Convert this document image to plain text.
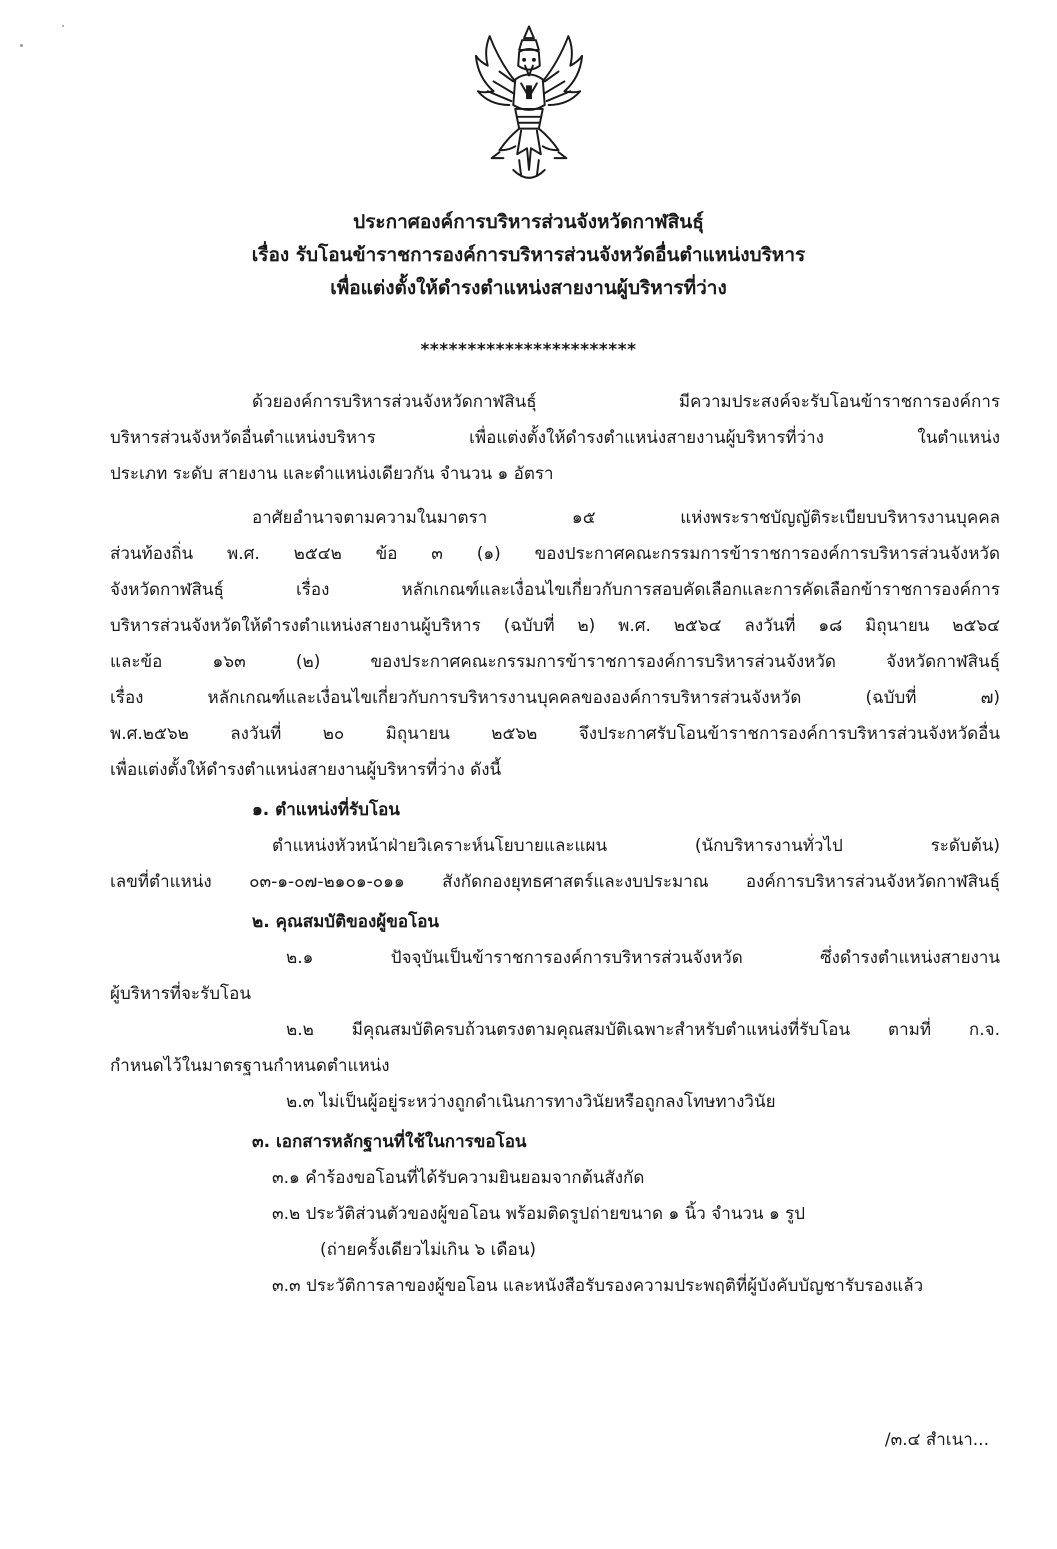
ประกาศองค์การบริหารส่วนจังหวัดกาฬสินธุ์
เรื่อง รับโอนข้าราชการองค์การบริหารส่วนจังหวัดอื่นตำแหน่งบริหาร
เพื่อแต่งตั้งให้ดำรงตำแหน่งสายงานผู้บริหารที่ว่าง
***********************
ด้วยองค์การบริหารส่วนจังหวัดกาฬสินธุ์ มีความประสงค์จะรับโอนข้าราชการองค์การ
บริหารส่วนจังหวัดอื่นตำแหน่งบริหาร เพื่อแต่งตั้งให้ดำรงตำแหน่งสายงานผู้บริหารที่ว่าง ในตำแหน่ง
ประเภท ระดับ สายงาน และตำแหน่งเดียวกัน จำนวน ๑ อัตรา
อาศัยอำนาจตามความในมาตรา ๑๕ แห่งพระราชบัญญัติระเบียบบริหารงานบุคคล
ส่วนท้องถิ่น พ.ศ. ๒๕๔๒ ข้อ ๓ (๑) ของประกาศคณะกรรมการข้าราชการองค์การบริหารส่วนจังหวัด
จังหวัดกาฬสินธุ์ เรื่อง หลักเกณฑ์และเงื่อนไขเกี่ยวกับการสอบคัดเลือกและการคัดเลือกข้าราชการองค์การ
บริหารส่วนจังหวัดให้ดำรงตำแหน่งสายงานผู้บริหาร (ฉบับที่ ๒) พ.ศ. ๒๕๖๔ ลงวันที่ ๑๘ มิถุนายน ๒๕๖๔
และข้อ ๑๖๓ (๒) ของประกาศคณะกรรมการข้าราชการองค์การบริหารส่วนจังหวัด จังหวัดกาฬสินธุ์
เรื่อง หลักเกณฑ์และเงื่อนไขเกี่ยวกับการบริหารงานบุคคลขององค์การบริหารส่วนจังหวัด (ฉบับที่ ๗)
พ.ศ.๒๕๖๒ ลงวันที่ ๒๐ มิถุนายน ๒๕๖๒ จึงประกาศรับโอนข้าราชการองค์การบริหารส่วนจังหวัดอื่น
เพื่อแต่งตั้งให้ดำรงตำแหน่งสายงานผู้บริหารที่ว่าง ดังนี้
๑. ตำแหน่งที่รับโอน
ตำแหน่งหัวหน้าฝ่ายวิเคราะห์นโยบายและแผน (นักบริหารงานทั่วไป ระดับต้น)
เลขที่ตำแหน่ง ๐๓-๑-๐๗-๒๑๐๑-๐๑๑ สังกัดกองยุทธศาสตร์และงบประมาณ องค์การบริหารส่วนจังหวัดกาฬสินธุ์
๒. คุณสมบัติของผู้ขอโอน
๒.๑ ปัจจุบันเป็นข้าราชการองค์การบริหารส่วนจังหวัด ซึ่งดำรงตำแหน่งสายงาน
ผู้บริหารที่จะรับโอน
๒.๒ มีคุณสมบัติครบถ้วนตรงตามคุณสมบัติเฉพาะสำหรับตำแหน่งที่รับโอน ตามที่ ก.จ.
กำหนดไว้ในมาตรฐานกำหนดตำแหน่ง
๒.๓ ไม่เป็นผู้อยู่ระหว่างถูกดำเนินการทางวินัยหรือถูกลงโทษทางวินัย
๓. เอกสารหลักฐานที่ใช้ในการขอโอน
๓.๑ คำร้องขอโอนที่ได้รับความยินยอมจากต้นสังกัด
๓.๒ ประวัติส่วนตัวของผู้ขอโอน พร้อมติดรูปถ่ายขนาด ๑ นิ้ว จำนวน ๑ รูป
(ถ่ายครั้งเดียวไม่เกิน ๖ เดือน)
๓.๓ ประวัติการลาของผู้ขอโอน และหนังสือรับรองความประพฤติที่ผู้บังคับบัญชารับรองแล้ว
/๓.๔ สำเนา...
